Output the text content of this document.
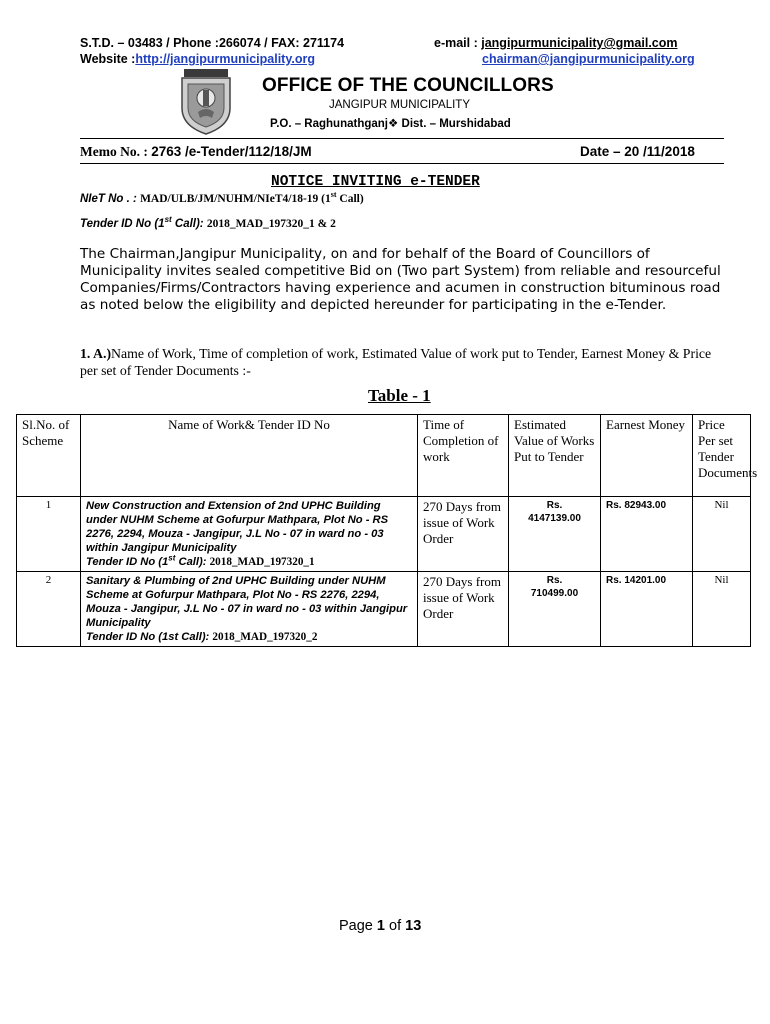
S.T.D. – 03483 / Phone :266074 / FAX: 271174	e-mail : jangipurmunicipality@gmail.com
Website :http://jangipurmunicipality.org	chairman@jangipurmunicipality.org
OFFICE OF THE COUNCILLORS
JANGIPUR MUNICIPALITY
P.O. – Raghunathganj❖ Dist. – Murshidabad
Memo No. : 2763 /e-Tender/112/18/JM	Date – 20 /11/2018
NOTICE INVITING e-TENDER
NIeT No . : MAD/ULB/JM/NUHM/NIeT4/18-19 (1st Call)
Tender ID No (1st Call): 2018_MAD_197320_1 & 2
The Chairman,Jangipur Municipality, on and for behalf of the Board of Councillors of Municipality invites sealed competitive Bid on (Two part System) from reliable and resourceful Companies/Firms/Contractors having experience and acumen in construction bituminous road as noted below the eligibility and depicted hereunder for participating in the e-Tender.
1. A.)Name of Work, Time of completion of work, Estimated Value of work put to Tender, Earnest Money & Price per set of Tender Documents :-
Table - 1
Sl.No. of Scheme	Name of Work& Tender ID No	Time of Completion of work	Estimated Value of Works Put to Tender	Earnest Money	Price Per set Tender Documents
1	New Construction and Extension of 2nd UPHC Building under NUHM Scheme at Gofurpur Mathpara, Plot No - RS 2276, 2294, Mouza - Jangipur, J.L No - 07 in ward no - 03 within Jangipur Municipality
Tender ID No (1st Call): 2018_MAD_197320_1	270 Days from issue of Work Order	Rs.
4147139.00	Rs. 82943.00	Nil
2	Sanitary & Plumbing of 2nd UPHC Building under NUHM Scheme at Gofurpur Mathpara, Plot No - RS 2276, 2294, Mouza - Jangipur, J.L No - 07 in ward no - 03 within Jangipur Municipality
Tender ID No (1st Call): 2018_MAD_197320_2	270 Days from issue of Work Order	Rs.
710499.00	Rs. 14201.00	Nil
Page 1 of 13
